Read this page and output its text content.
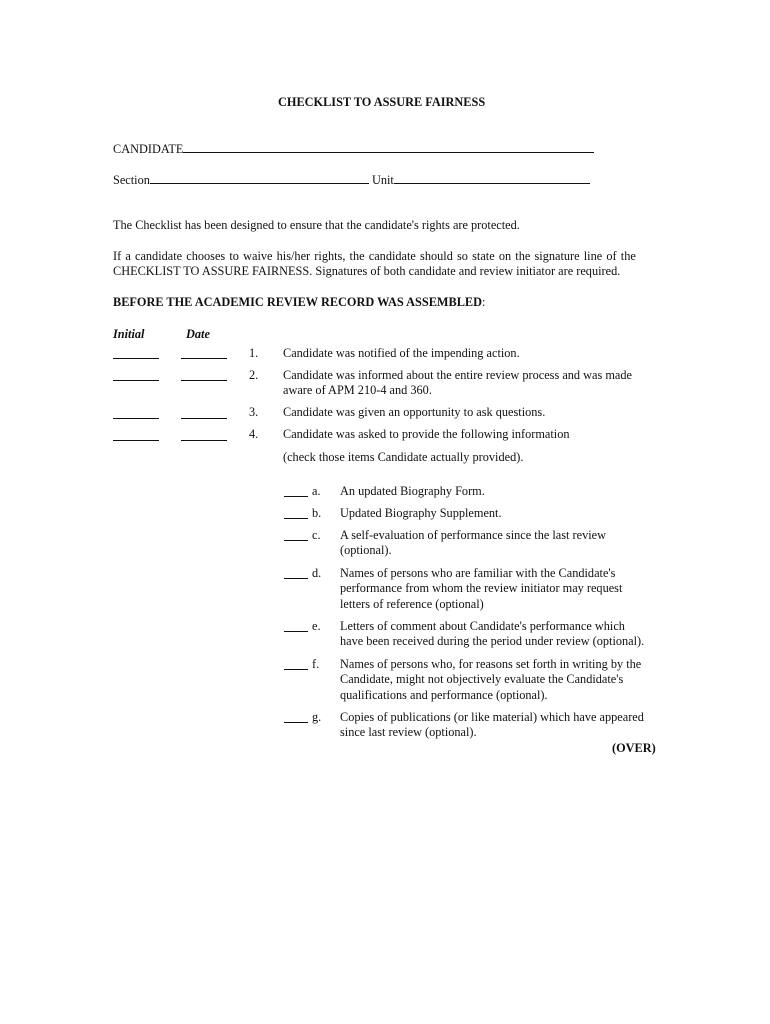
CHECKLIST TO ASSURE FAIRNESS
CANDIDATE
Section	Unit
The Checklist has been designed to ensure that the candidate's rights are protected.
If a candidate chooses to waive his/her rights, the candidate should so state on the signature line of the
CHECKLIST TO ASSURE FAIRNESS. Signatures of both candidate and review initiator are required.
BEFORE THE ACADEMIC REVIEW RECORD WAS ASSEMBLED:
Initial	Date
1. Candidate was notified of the impending action.
2. Candidate was informed about the entire review process and was made
aware of APM 210-4 and 360.
3. Candidate was given an opportunity to ask questions.
4. Candidate was asked to provide the following information
(check those items Candidate actually provided).
a. An updated Biography Form.
b. Updated Biography Supplement.
c. A self-evaluation of performance since the last review
(optional).
d. Names of persons who are familiar with the Candidate's
performance from whom the review initiator may request
letters of reference (optional)
e. Letters of comment about Candidate's performance which
have been received during the period under review (optional).
f. Names of persons who, for reasons set forth in writing by the
Candidate, might not objectively evaluate the Candidate's
qualifications and performance (optional).
g. Copies of publications (or like material) which have appeared
since last review (optional).
(OVER)
